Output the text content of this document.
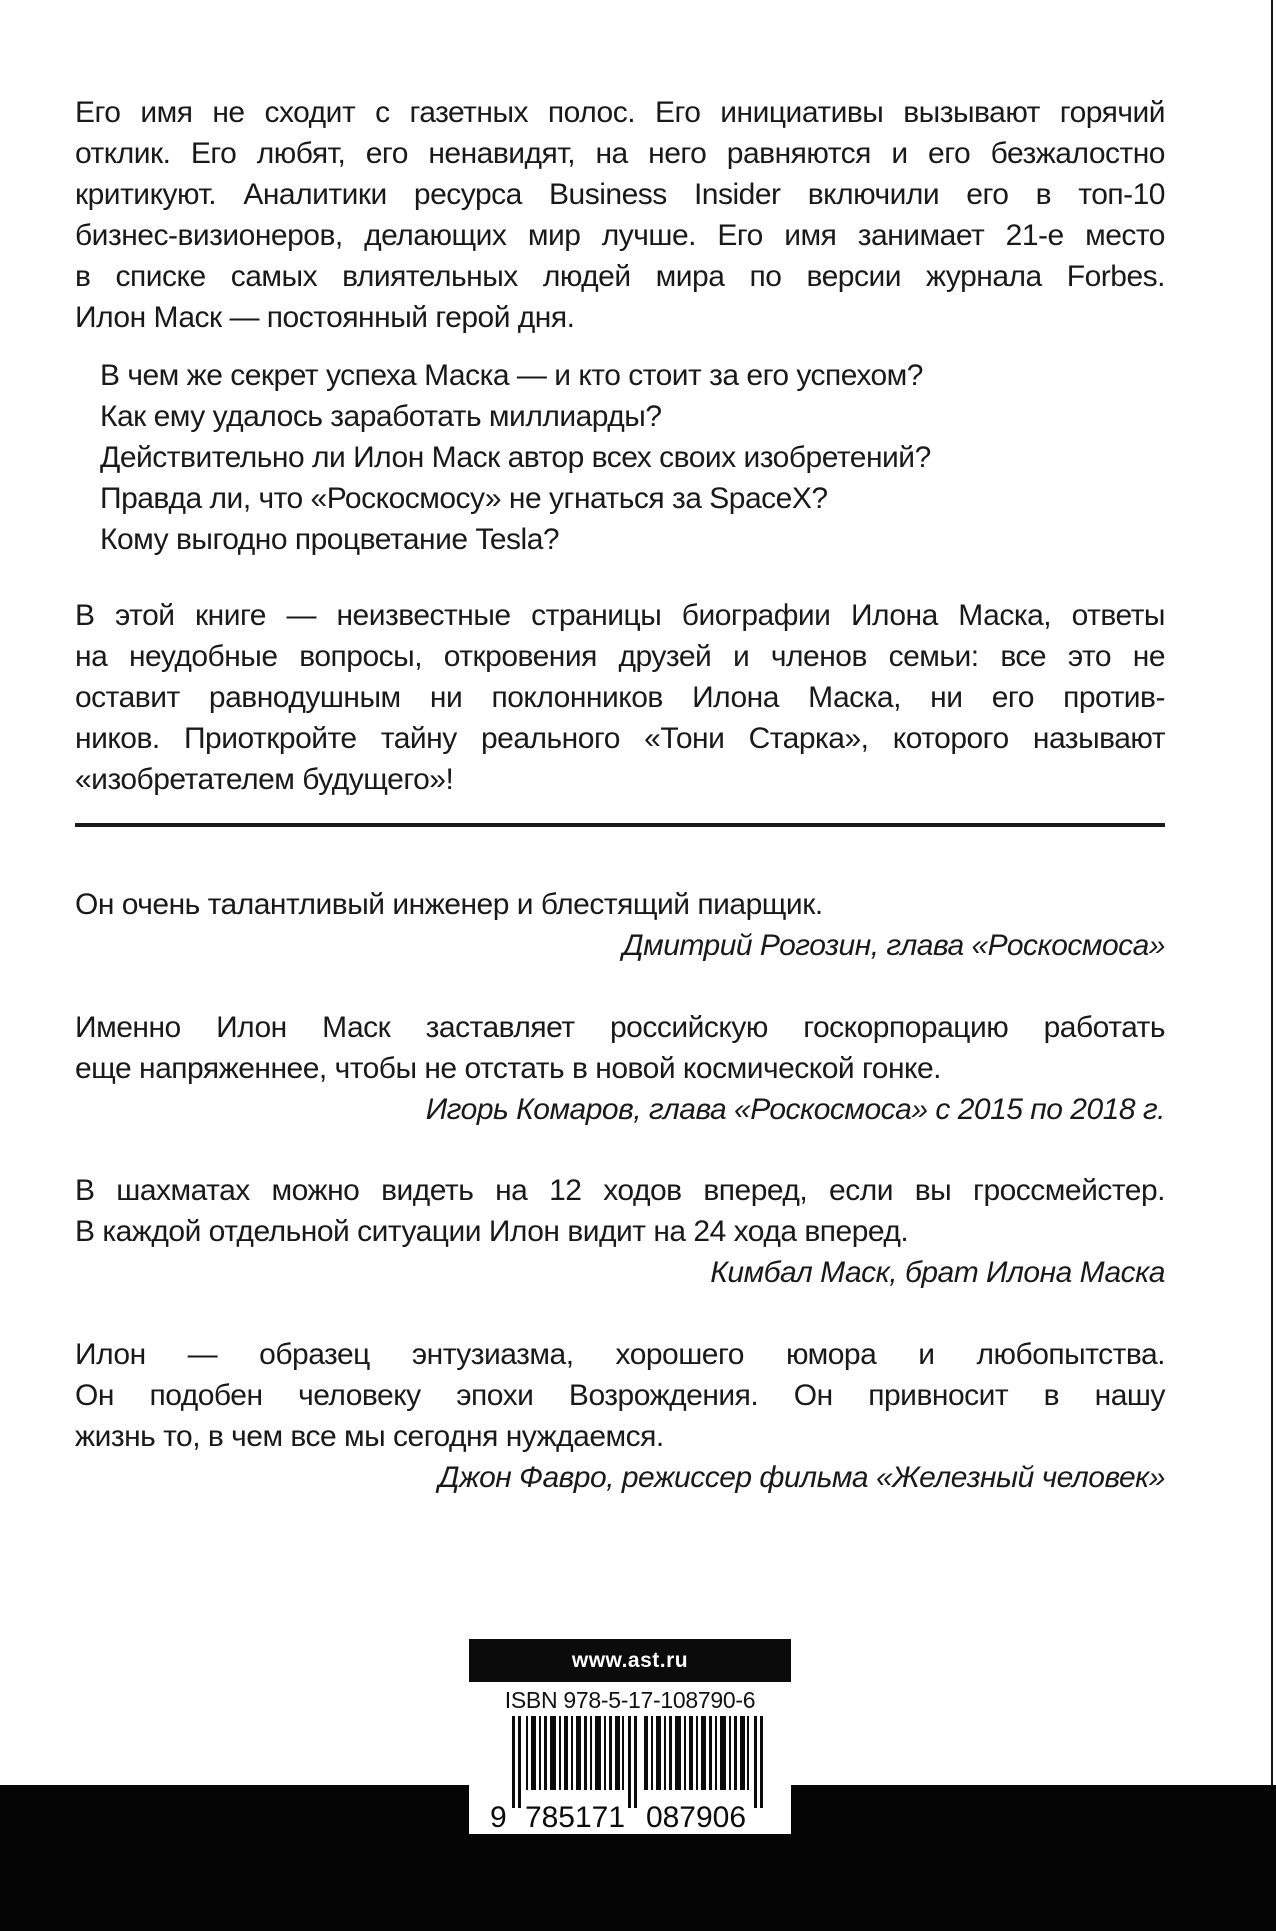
Его имя не сходит с газетных полос. Его инициативы вызывают горячий
отклик. Его любят, его ненавидят, на него равняются и его безжалостно
критикуют. Аналитики ресурса Business Insider включили его в топ-10
бизнес-визионеров, делающих мир лучше. Его имя занимает 21-е место
в списке самых влиятельных людей мира по версии журнала Forbes.
Илон Маск — постоянный герой дня.
В чем же секрет успеха Маска — и кто стоит за его успехом?
Как ему удалось заработать миллиарды?
Действительно ли Илон Маск автор всех своих изобретений?
Правда ли, что «Роскосмосу» не угнаться за SpaceX?
Кому выгодно процветание Tesla?
В этой книге — неизвестные страницы биографии Илона Маска, ответы
на неудобные вопросы, откровения друзей и членов семьи: все это не
оставит равнодушным ни поклонников Илона Маска, ни его против-
ников. Приоткройте тайну реального «Тони Старка», которого называют
«изобретателем будущего»!
Он очень талантливый инженер и блестящий пиарщик.
Дмитрий Рогозин, глава «Роскосмоса»
Именно Илон Маск заставляет российскую госкорпорацию работать
еще напряженнее, чтобы не отстать в новой космической гонке.
Игорь Комаров, глава «Роскосмоса» с 2015 по 2018 г.
В шахматах можно видеть на 12 ходов вперед, если вы гроссмейстер.
В каждой отдельной ситуации Илон видит на 24 хода вперед.
Кимбал Маск, брат Илона Маска
Илон — образец энтузиазма, хорошего юмора и любопытства.
Он подобен человеку эпохи Возрождения. Он привносит в нашу
жизнь то, в чем все мы сегодня нуждаемся.
Джон Фавро, режиссер фильма «Железный человек»
www.ast.ru
ISBN 978-5-17-108790-6
9 785171 087906
